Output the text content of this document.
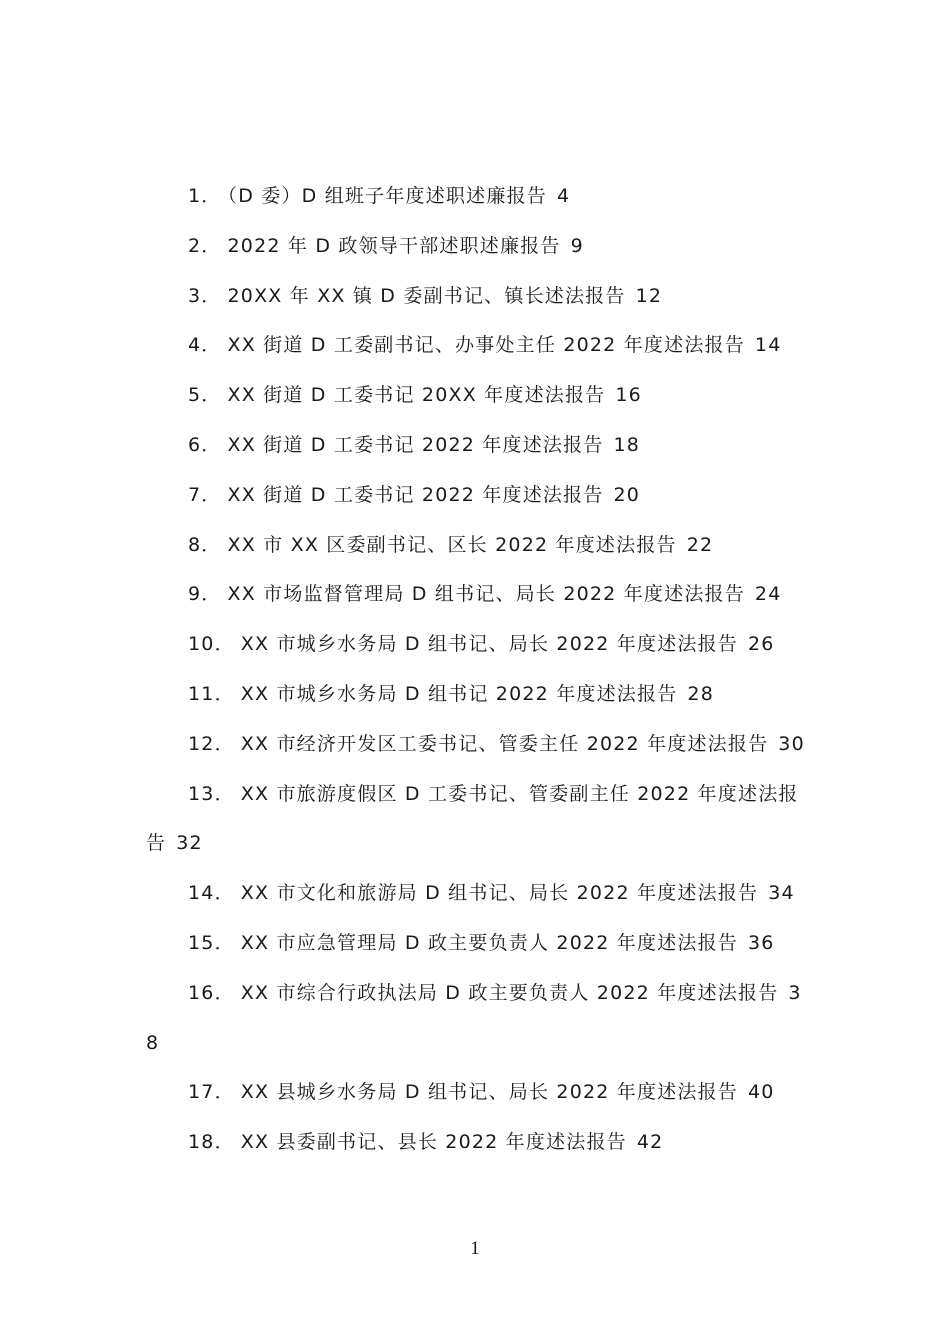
1． （D 委）D 组班子年度述职述廉报告 4

2． 2022 年 D 政领导干部述职述廉报告 9

3． 20XX 年 XX 镇 D 委副书记、镇长述法报告 12

4． XX 街道 D 工委副书记、办事处主任 2022 年度述法报告 14

5． XX 街道 D 工委书记 20XX 年度述法报告 16

6． XX 街道 D 工委书记 2022 年度述法报告 18

7． XX 街道 D 工委书记 2022 年度述法报告 20

8． XX 市 XX 区委副书记、区长 2022 年度述法报告 22

9． XX 市场监督管理局 D 组书记、局长 2022 年度述法报告 24

10． XX 市城乡水务局 D 组书记、局长 2022 年度述法报告 26

11． XX 市城乡水务局 D 组书记 2022 年度述法报告 28

12． XX 市经济开发区工委书记、管委主任 2022 年度述法报告 30

13． XX 市旅游度假区 D 工委书记、管委副主任 2022 年度述法报告 32

14． XX 市文化和旅游局 D 组书记、局长 2022 年度述法报告 34

15． XX 市应急管理局 D 政主要负责人 2022 年度述法报告 36

16． XX 市综合行政执法局 D 政主要负责人 2022 年度述法报告 38

17． XX 县城乡水务局 D 组书记、局长 2022 年度述法报告 40

18． XX 县委副书记、县长 2022 年度述法报告 42

1
